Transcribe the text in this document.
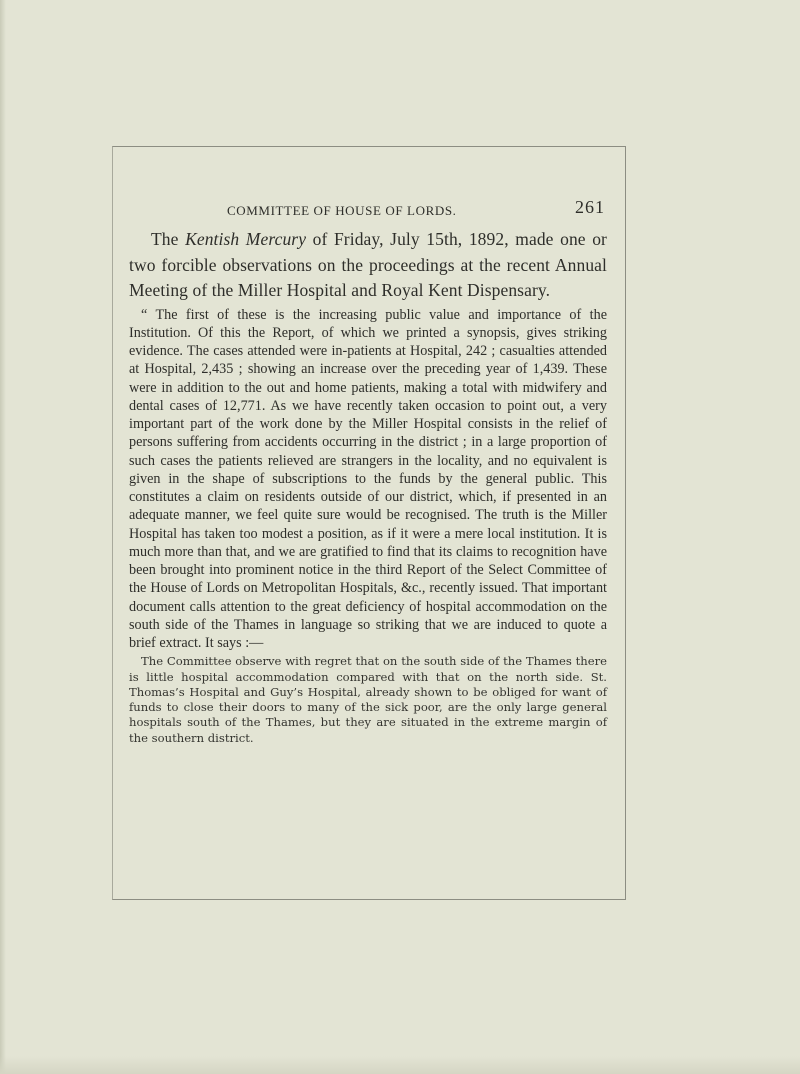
COMMITTEE OF HOUSE OF LORDS.	261

The Kentish Mercury of Friday, July 15th, 1892, made one or two forcible observations on the proceedings at the recent Annual Meeting of the Miller Hospital and Royal Kent Dispensary.

“ The first of these is the increasing public value and importance of the Institution. Of this the Report, of which we printed a synopsis, gives striking evidence. The cases attended were in-patients at Hospital, 242 ; casualties attended at Hospital, 2,435 ; showing an increase over the preceding year of 1,439. These were in addition to the out and home patients, making a total with midwifery and dental cases of 12,771. As we have recently taken occasion to point out, a very important part of the work done by the Miller Hospital consists in the relief of persons suffering from accidents occurring in the district ; in a large proportion of such cases the patients relieved are strangers in the locality, and no equivalent is given in the shape of subscriptions to the funds by the general public. This constitutes a claim on residents outside of our district, which, if presented in an adequate manner, we feel quite sure would be recognised. The truth is the Miller Hospital has taken too modest a position, as if it were a mere local institution. It is much more than that, and we are gratified to find that its claims to recognition have been brought into prominent notice in the third Report of the Select Committee of the House of Lords on Metropolitan Hospitals, &c., recently issued. That important document calls attention to the great deficiency of hospital accommodation on the south side of the Thames in language so striking that we are induced to quote a brief extract. It says :—

The Committee observe with regret that on the south side of the Thames there is little hospital accommodation compared with that on the north side. St. Thomas’s Hospital and Guy’s Hospital, already shown to be obliged for want of funds to close their doors to many of the sick poor, are the only large general hospitals south of the Thames, but they are situated in the extreme margin of the southern district.
